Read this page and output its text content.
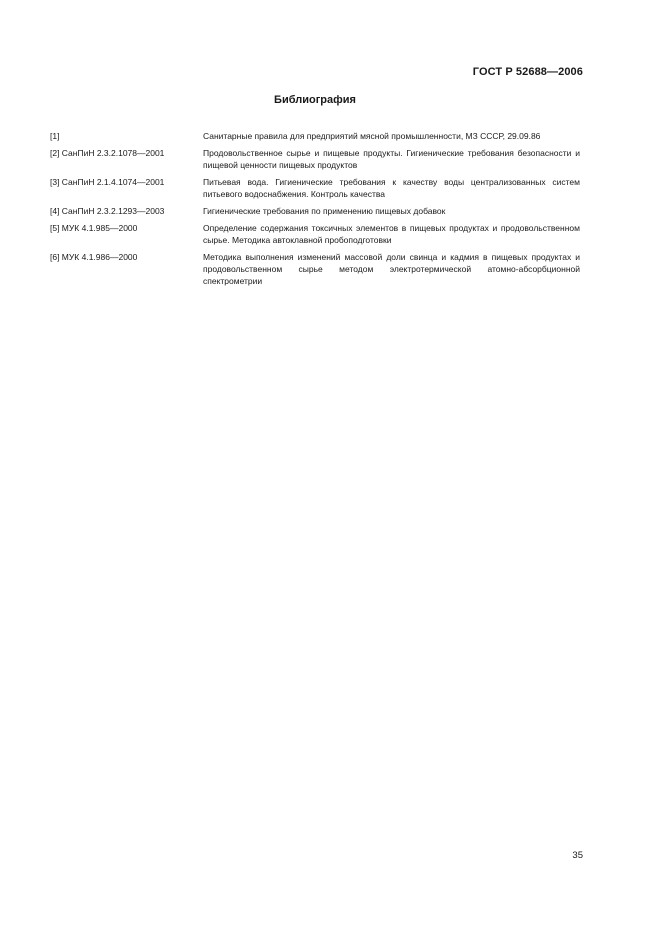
ГОСТ Р 52688—2006
Библиография
[1]	Санитарные правила для предприятий мясной промышленности, МЗ СССР, 29.09.86
[2] СанПиН 2.3.2.1078—2001	Продовольственное сырье и пищевые продукты. Гигиенические требования безопасности и пищевой ценности пищевых продуктов
[3] СанПиН 2.1.4.1074—2001	Питьевая вода. Гигиенические требования к качеству воды централизованных систем питьевого водоснабжения. Контроль качества
[4] СанПиН 2.3.2.1293—2003	Гигиенические требования по применению пищевых добавок
[5] МУК 4.1.985—2000	Определение содержания токсичных элементов в пищевых продуктах и продовольственном сырье. Методика автоклавной пробоподготовки
[6] МУК 4.1.986—2000	Методика выполнения изменений массовой доли свинца и кадмия в пищевых продуктах и продовольственном сырье методом электротермической атомно-абсорбционной спектрометрии
35
